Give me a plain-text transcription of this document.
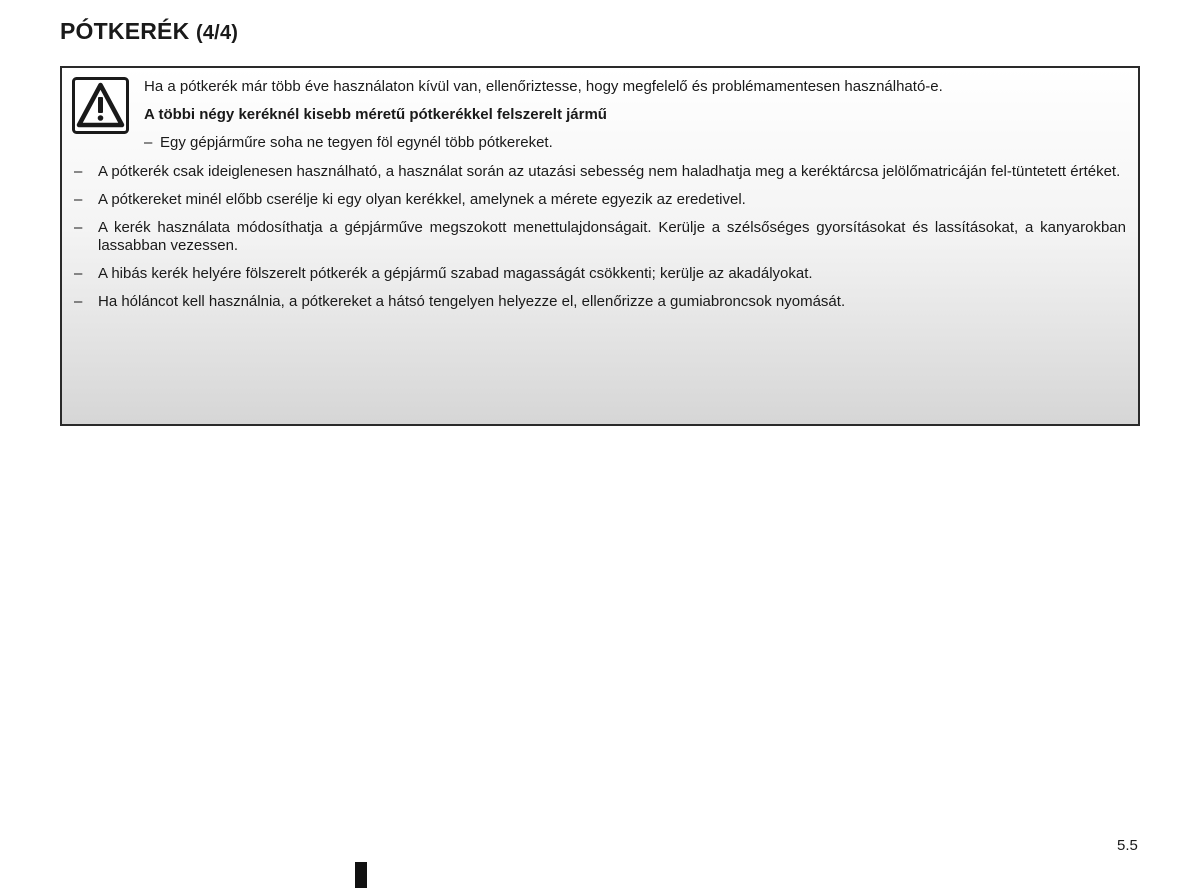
PÓTKERÉK (4/4)

Ha a pótkerék már több éve használaton kívül van, ellenőriztesse, hogy megfelelő és problémamentesen használható-e.

A többi négy keréknél kisebb méretű pótkerékkel felszerelt jármű

– Egy gépjárműre soha ne tegyen föl egynél több pótkereket.
–	A pótkerék csak ideiglenesen használható, a használat során az utazási sebesség nem haladhatja meg a keréktárcsa jelölőmatricáján fel-tüntetett értéket.
–	A pótkereket minél előbb cserélje ki egy olyan kerékkel, amelynek a mérete egyezik az eredetivel.
–	A kerék használata módosíthatja a gépjárműve megszokott menettulajdonságait. Kerülje a szélsőséges gyorsításokat és lassításokat, a kanyarokban lassabban vezessen.
–	A hibás kerék helyére fölszerelt pótkerék a gépjármű szabad magasságát csökkenti; kerülje az akadályokat.
–	Ha hóláncot kell használnia, a pótkereket a hátsó tengelyen helyezze el, ellenőrizze a gumiabroncsok nyomását.
5.5
